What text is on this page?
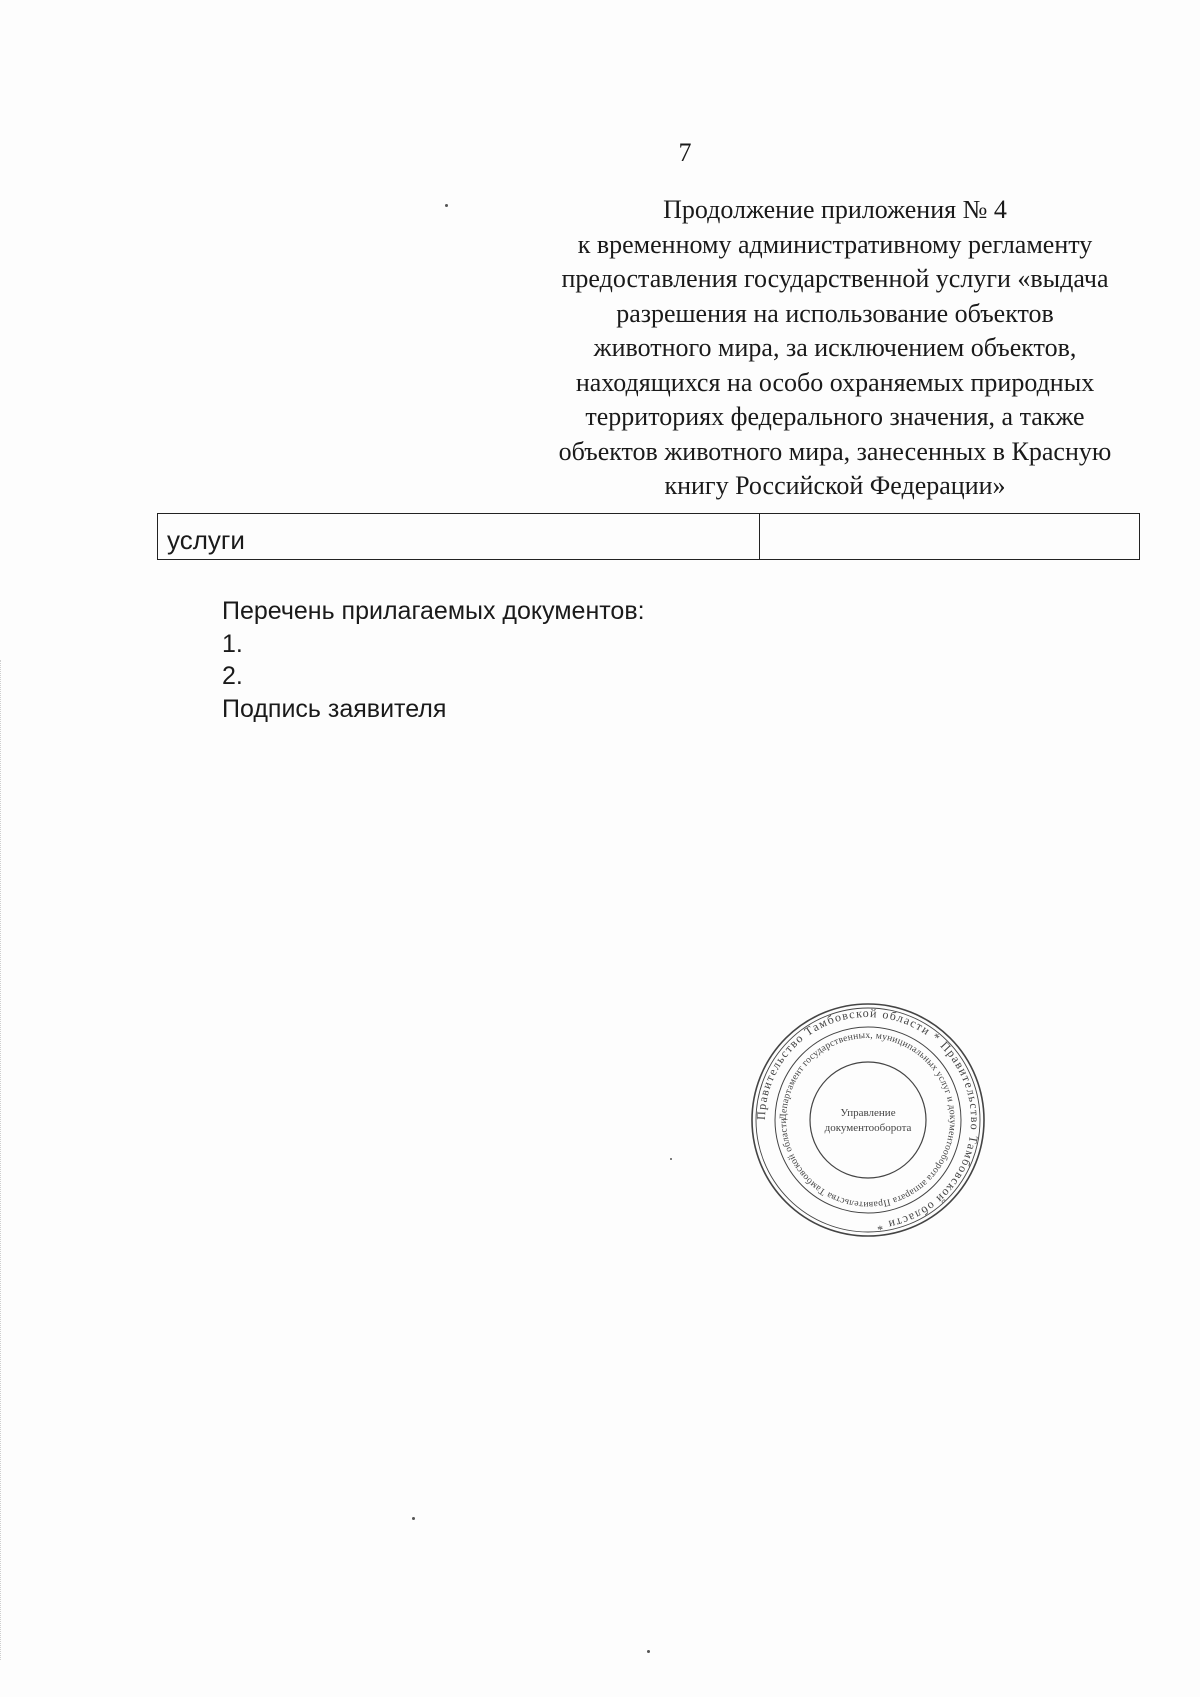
7
Продолжение приложения № 4
к временному административному регламенту
предоставления государственной услуги «выдача
разрешения на использование объектов
животного мира, за исключением объектов,
находящихся на особо охраняемых природных
территориях федерального значения, а также
объектов животного мира, занесенных в Красную
книгу Российской Федерации»
услуги	
Перечень прилагаемых документов:
1.
2.
Подпись заявителя
Правительство Тамбовской области * Правительство Тамбовской области *
Департамент государственных, муниципальных услуг и документооборота аппарата Правительства Тамбовской области
Управление
документооборота
